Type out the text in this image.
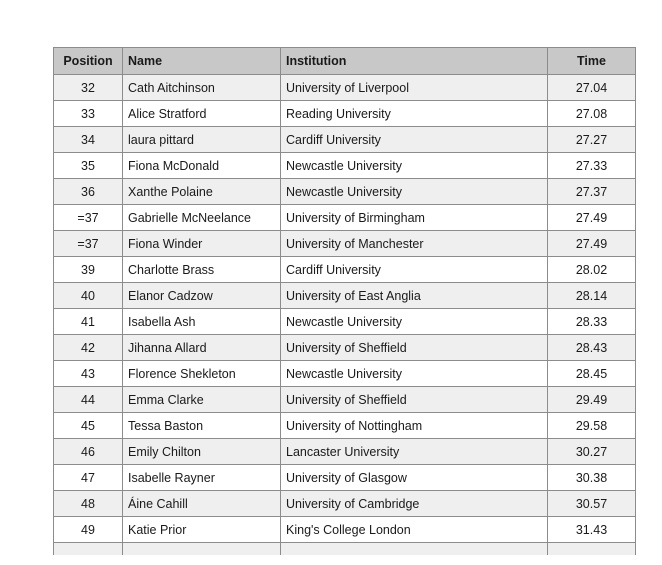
Position	Name	Institution	Time
32	Cath Aitchinson	University of Liverpool	27.04
33	Alice Stratford	Reading University	27.08
34	laura pittard	Cardiff University	27.27
35	Fiona McDonald	Newcastle University	27.33
36	Xanthe Polaine	Newcastle University	27.37
=37	Gabrielle McNeelance	University of Birmingham	27.49
=37	Fiona Winder	University of Manchester	27.49
39	Charlotte Brass	Cardiff University	28.02
40	Elanor Cadzow	University of East Anglia	28.14
41	Isabella Ash	Newcastle University	28.33
42	Jihanna Allard	University of Sheffield	28.43
43	Florence Shekleton	Newcastle University	28.45
44	Emma Clarke	University of Sheffield	29.49
45	Tessa Baston	University of Nottingham	29.58
46	Emily Chilton	Lancaster University	30.27
47	Isabelle Rayner	University of Glasgow	30.38
48	Áine Cahill	University of Cambridge	30.57
49	Katie Prior	King's College London	31.43
